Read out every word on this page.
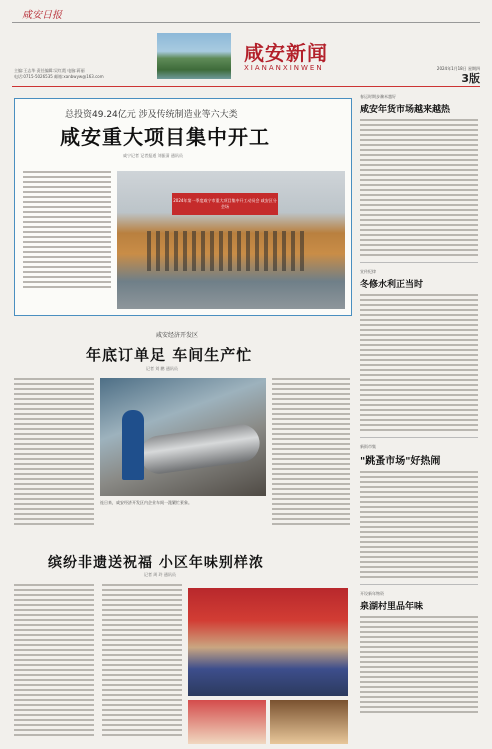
咸安日报
咸安新闻
XIANANXINWEN
主编:王志华 责任编辑:吴红霞 电脑:蒋丽
电话:0715-5026535 邮箱:xanbwyw@163.com
2024年1月18日 星期四
3版
总投资49.24亿元 涉及传统制造业等六大类
咸安重大项目集中开工
咸宁记者 记者报道 刘振清 通讯员
2024年第一季度咸宁市重大项目集中开工动员会 咸安区分会场
春运时期步骤米越好
咸安年货市场越来越热
宣传纪律
冬修水利正当时
新街市集
"跳蚤市场"好热闹
开设新年物资
泉湖村里品年味
咸安经济开发区
年底订单足 车间生产忙
记者 刘 鹏 通讯员
连日来，咸安经济开发区内企业车间一派繁忙景象。
缤纷非遗送祝福 小区年味别样浓
记者 周 玲 通讯员
